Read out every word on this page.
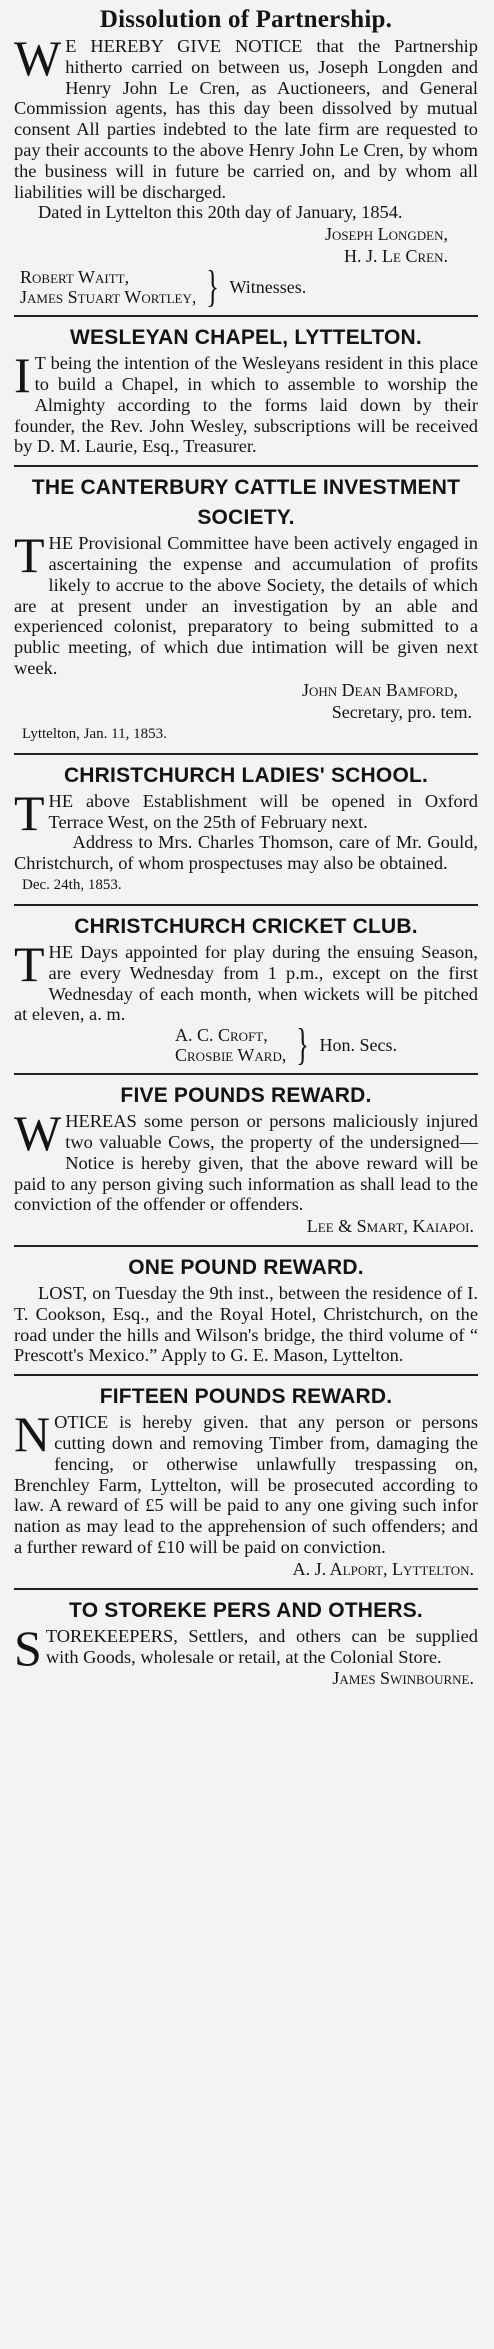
Dissolution of Partnership.

W E HEREBY GIVE NOTICE that the Partnership hitherto carried on between us, Joseph Longden and Henry John Le Cren, as Auctioneers, and General Commission agents, has this day been dissolved by mutual consent All parties indebted to the late firm are requested to pay their accounts to the above Henry John Le Cren, by whom the business will in future be carried on, and by whom all liabilities will be discharged.

Dated in Lyttelton this 20th day of January, 1854.

Joseph Longden,
H. J. Le Cren.
Robert Waitt,
James Stuart Wortley, } Witnesses.
WESLEYAN CHAPEL, LYTTELTON.

I T being the intention of the Wesleyans resident in this place to build a Chapel, in which to assemble to worship the Almighty according to the forms laid down by their founder, the Rev. John Wesley, subscriptions will be received by D. M. Laurie, Esq., Treasurer.

THE CANTERBURY CATTLE INVESTMENT
SOCIETY.

THE Provisional Committee have been actively engaged in ascertaining the expense and accumulation of profits likely to accrue to the above Society, the details of which are at present under an investigation by an able and experienced colonist, preparatory to being submitted to a public meeting, of which due intimation will be given next week.

John Dean Bamford,
Secretary, pro. tem.
Lyttelton, Jan. 11, 1853.
CHRISTCHURCH LADIES' SCHOOL.

THE above Establishment will be opened in Oxford Terrace West, on the 25th of February next.

Address to Mrs. Charles Thomson, care of Mr. Gould, Christchurch, of whom prospectuses may also be obtained.

Dec. 24th, 1853.
CHRISTCHURCH CRICKET CLUB.

THE Days appointed for play during the ensuing Season, are every Wednesday from 1 p.m., except on the first Wednesday of each month, when wickets will be pitched at eleven, a. m.

A. C. Croft,
Crosbie Ward, } Hon. Secs.
FIVE POUNDS REWARD.

WHEREAS some person or persons maliciously injured two valuable Cows, the property of the undersigned—Notice is hereby given, that the above reward will be paid to any person giving such information as shall lead to the conviction of the offender or offenders.

Lee & Smart, Kaiapoi.
ONE POUND REWARD.

LOST, on Tuesday the 9th inst., between the residence of I. T. Cookson, Esq., and the Royal Hotel, Christchurch, on the road under the hills and Wilson's bridge, the third volume of “ Prescott's Mexico.” Apply to G. E. Mason, Lyttelton.

FIFTEEN POUNDS REWARD.

NOTICE is hereby given. that any person or persons cutting down and removing Timber from, damaging the fencing, or otherwise unlawfully trespassing on, Brenchley Farm, Lyttelton, will be prosecuted according to law. A reward of £5 will be paid to any one giving such infor nation as may lead to the apprehension of such offenders; and a further reward of £10 will be paid on conviction.

A. J. Alport, Lyttelton.
TO STOREKE PERS AND OTHERS.

STOREKEEPERS, Settlers, and others can be supplied with Goods, wholesale or retail, at the Colonial Store.

James Swinbourne.
